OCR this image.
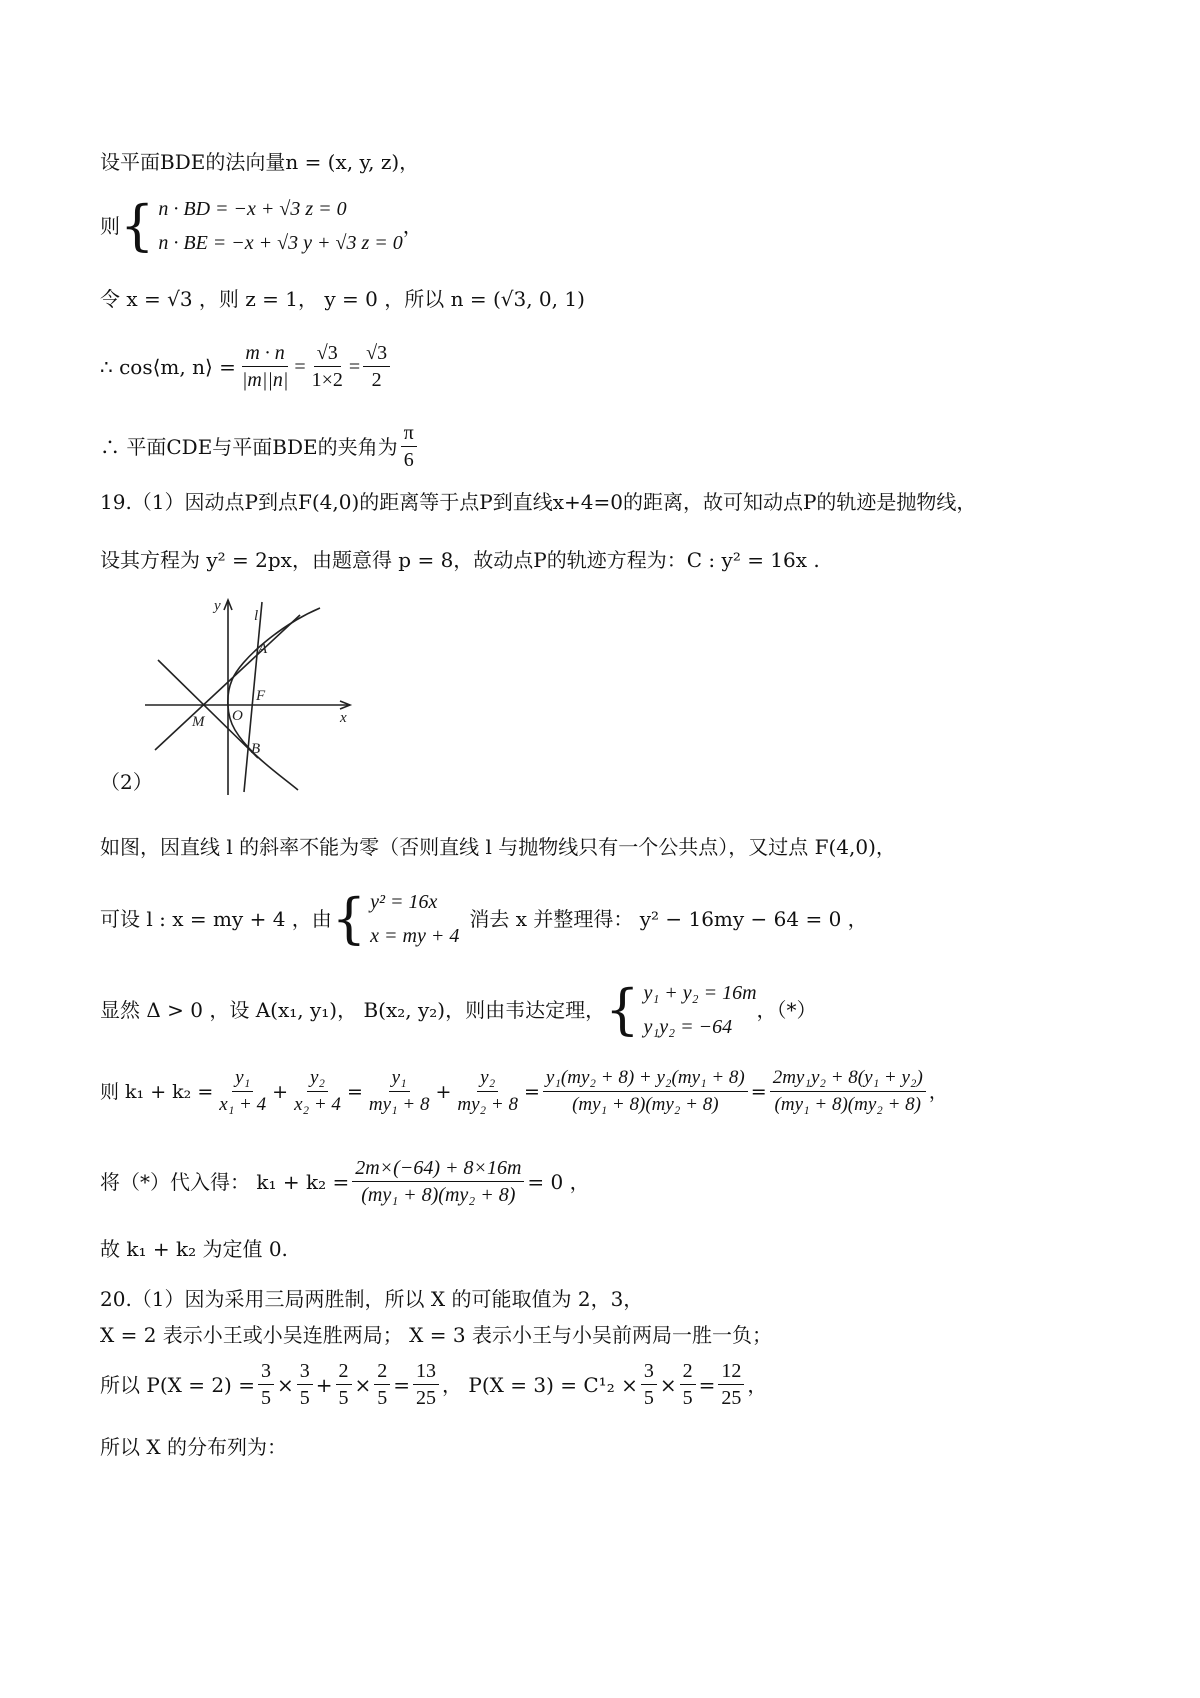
设平面BDE的法向量n = (x, y, z)，
则 { n · BD = −x + √3 z = 0
n · BE = −x + √3 y + √3 z = 0
，
令 x = √3 ，则 z = 1， y = 0 ，所以 n = (√3, 0, 1)
∴ cos⟨m, n⟩ = $\frac{m \cdot n}{|m||n|} = \frac{√3}{1\times 2} = \frac{√3}{2}$
∴ 平面CDE与平面BDE的夹角为 $\frac{\pi}{6}$
19.（1）因动点P到点F(4,0)的距离等于点P到直线x+4=0的距离，故可知动点P的轨迹是抛物线，
设其方程为 y² = 2px，由题意得 p = 8，故动点P的轨迹方程为：C : y² = 16x .
y
l
A
F
O
M
B
x
（2）
如图，因直线 l 的斜率不能为零（否则直线 l 与抛物线只有一个公共点），又过点 F(4,0)，
可设 l : x = my + 4 ，由 { y² = 16x
x = my + 4
消去 x 并整理得： y² − 16my − 64 = 0 ，
显然 Δ > 0 ，设 A(x₁, y₁)， B(x₂, y₂)，则由韦达定理， { y₁ + y₂ = 16m
y₁y₂ = −64
，（*）
则 $k_1 + k_2 = \frac{\text{y₁}}{\text{x₁ + 4}} + \frac{\text{y₂}}{\text{x₂ + 4}} = \frac{\text{y₁}}{\text{my₁ + 8}} + \frac{\text{y₂}}{\text{my₂ + 8}} = \frac{\text{y₁(my₂ + 8) + y₂(my₁ + 8)}}{\text{(my₁ + 8)(my₂ + 8)}} = \frac{\text{2my₁y₂ + 8(y₁ + y₂)}}{\text{(my₁ + 8)(my₂ + 8)}}$ ，
将（*）代入得： $k_1 + k_2 = \frac{2m\times(-64) + 8\times 16m}{\text{(my₁ + 8)(my₂ + 8)}} = 0$ ，
故 k₁ + k₂ 为定值 0.
20.（1）因为采用三局两胜制，所以 X 的可能取值为 2，3，
X = 2 表示小王或小吴连胜两局； X = 3 表示小王与小吴前两局一胜一负；
所以 $P(X = 2) = \frac{3}{5} \times \frac{3}{5} + \frac{2}{5} \times \frac{2}{5} = \frac{13}{25}$ ， $P(X = 3) = C^1_2 \times \frac{3}{5} \times \frac{2}{5} = \frac{12}{25}$ ，
所以 X 的分布列为：
